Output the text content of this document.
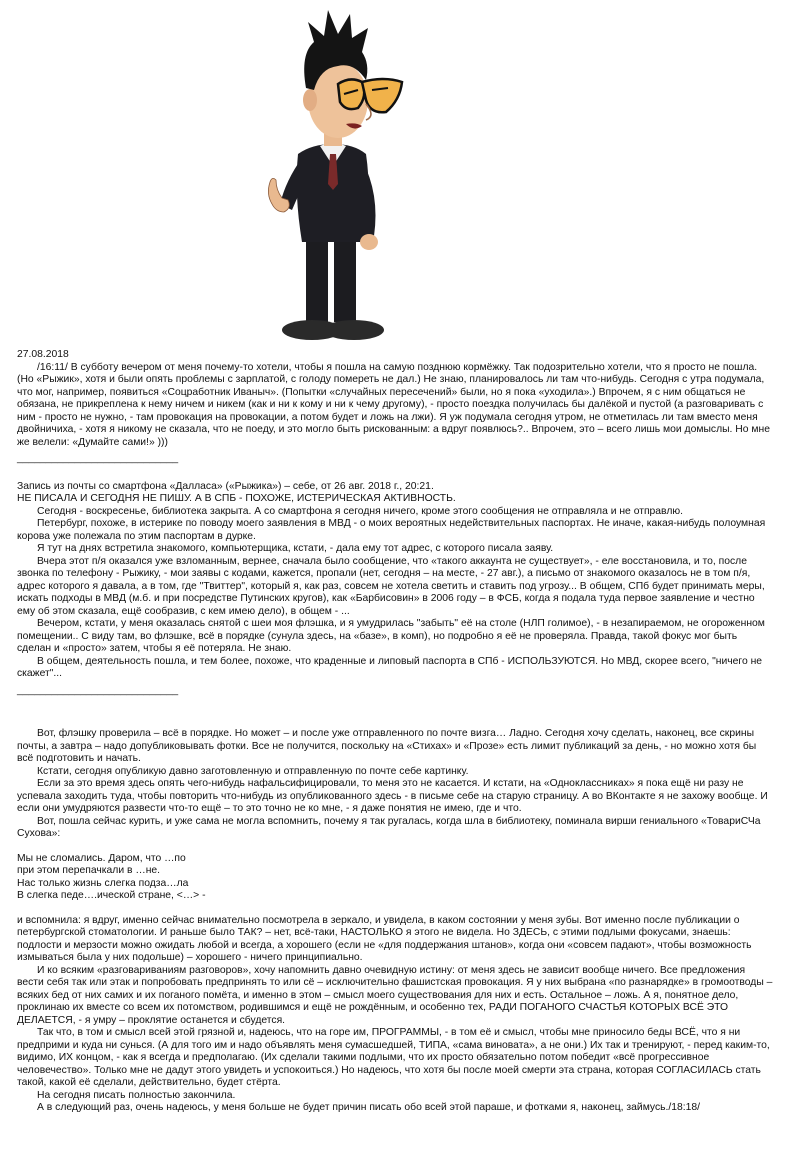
27.08.2018

/16:11/ В субботу вечером от меня почему-то хотели, чтобы я пошла на самую позднюю кормёжку. Так подозрительно хотели, что я просто не пошла. (Но «Рыжик», хотя и были опять проблемы с зарплатой, с голоду помереть не дал.) Не знаю, планировалось ли там что-нибудь. Сегодня с утра подумала, что мог, например, появиться «Соцработник Иваныч». (Попытки «случайных пересечений» были, но я пока «уходила».) Впрочем, я с ним общаться не обязана, не прикреплена к нему ничем и никем (как и ни к кому и ни к чему другому), - просто поездка получилась бы далёкой и пустой (а разговаривать с ним - просто не нужно, - там провокация на провокации, а потом будет и ложь на лжи). Я уж подумала сегодня утром, не отметилась ли там вместо меня двойничиха, - хотя я никому не сказала, что не поеду, и это могло быть рискованным: а вдруг появлюсь?.. Впрочем, это – всего лишь мои домыслы. Но мне же велели: «Думайте сами!» )))

____________________________

Запись из почты со смартфона «Далласа» («Рыжика») – себе, от 26 авг. 2018 г., 20:21.

НЕ ПИСАЛА И СЕГОДНЯ НЕ ПИШУ. А В СПБ - ПОХОЖЕ, ИСТЕРИЧЕСКАЯ АКТИВНОСТЬ.

Сегодня - воскресенье, библиотека закрыта. А со смартфона я сегодня ничего, кроме этого сообщения не отправляла и не отправлю.

Петербург, похоже, в истерике по поводу моего заявления в МВД - о моих вероятных недействительных паспортах. Не иначе, какая-нибудь полоумная корова уже полежала по этим паспортам в дурке.

Я тут на днях встретила знакомого, компьютерщика, кстати, - дала ему тот адрес, с которого писала заяву.

Вчера этот п/я оказался уже взломанным, вернее, сначала было сообщение, что «такого аккаунта не существует», - еле восстановила, и то, после звонка по телефону - Рыжику, - мои заявы с кодами, кажется, пропали (нет, сегодня – на месте, - 27 авг.), а письмо от знакомого оказалось не в том п/я, адрес которого я давала, а в том, где "Твиттер", который я, как раз, совсем не хотела светить и ставить под угрозу... В общем, СПб будет принимать меры, искать подходы в МВД (м.б. и при посредстве Путинских кругов), как «Барбисовин» в 2006 году – в ФСБ, когда я подала туда первое заявление и честно ему об этом сказала, ещё сообразив, с кем имею дело), в общем - ...

Вечером, кстати, у меня оказалась снятой с шеи моя флэшка, и я умудрилась "забыть" её на столе (НЛП голимое), - в незапираемом, не огороженном помещении.. С виду там, во флэшке, всё в порядке (сунула здесь, на «базе», в комп), но подробно я её не проверяла. Правда, такой фокус мог быть сделан и «просто» затем, чтобы я её потеряла. Не знаю.

В общем, деятельность пошла, и тем более, похоже, что краденные и липовый паспорта в СПб - ИСПОЛЬЗУЮТСЯ. Но МВД, скорее всего, "ничего не скажет"...

____________________________

Вот, флэшку проверила – всё в порядке. Но может – и после уже отправленного по почте визга… Ладно. Сегодня хочу сделать, наконец, все скрины почты, а завтра – надо допубликовывать фотки. Все не получится, поскольку на «Стихах» и «Прозе» есть лимит публикаций за день, - но можно хотя бы всё подготовить и начать.

Кстати, сегодня опубликую давно заготовленную и отправленную по почте себе картинку.

Если за это время здесь опять чего-нибудь нафальсифицировали, то меня это не касается. И кстати, на «Одноклассниках» я пока ещё ни разу не успевала заходить туда, чтобы повторить что-нибудь из опубликованного здесь - в письме себе на старую страницу. А во ВКонтакте я не захожу вообще. И если они умудряются развести что-то ещё – то это точно не ко мне, - я даже понятия не имею, где и что.

Вот, пошла сейчас курить, и уже сама не могла вспомнить, почему я так ругалась, когда шла в библиотеку, поминала вирши гениального «ТовариСЧа Сухова»:

Мы не сломались. Даром, что …по

при этом перепачкали в …не.

Нас только жизнь слегка подза…ла

В слегка педе….ической стране, <…> -

и вспомнила: я вдруг, именно сейчас внимательно посмотрела в зеркало, и увидела, в каком состоянии у меня зубы. Вот именно после публикации о петербургской стоматологии. И раньше было ТАК? – нет, всё-таки, НАСТОЛЬКО я этого не видела. Но ЗДЕСЬ, с этими подлыми фокусами, знаешь: подлости и мерзости можно ожидать любой и всегда, а хорошего (если не «для поддержания штанов», когда они «совсем падают», чтобы возможность измываться была у них подольше) – хорошего - ничего принципиально.

И ко всяким «разговариваниям разговоров», хочу напомнить давно очевидную истину: от меня здесь не зависит вообще ничего. Все предложения вести себя так или этак и попробовать предпринять то или сё – исключительно фашистская провокация. Я у них выбрана «по разнарядке» в громоотводы – всяких бед от них самих и их поганого помёта, и именно в этом – смысл моего существования для них и есть. Остальное – ложь. А я, понятное дело, проклинаю их вместе со всем их потомством, родившимся и ещё не рождённым, и особенно тех, РАДИ ПОГАНОГО СЧАСТЬЯ КОТОРЫХ ВСЁ ЭТО ДЕЛАЕТСЯ, - я умру – проклятие останется и сбудется.

Так что, в том и смысл всей этой грязной и, надеюсь, что на горе им, ПРОГРАММЫ, - в том её и смысл, чтобы мне приносило беды ВСЁ, что я ни предприми и куда ни сунься. (А для того им и надо объявлять меня сумасшедшей, ТИПА, «сама виновата», а не они.) Их так и тренируют, - перед каким-то, видимо, ИХ концом, - как я всегда и предполагаю. (Их сделали такими подлыми, что их просто обязательно потом победит «всё прогрессивное человечество». Только мне не дадут этого увидеть и успокоиться.) Но надеюсь, что хотя бы после моей смерти эта страна, которая СОГЛАСИЛАСЬ стать такой, какой её сделали, действительно, будет стёрта.

На сегодня писать полностью закончила.

А в следующий раз, очень надеюсь, у меня больше не будет причин писать обо всей этой параше, и фотками я, наконец, займусь./18:18/
